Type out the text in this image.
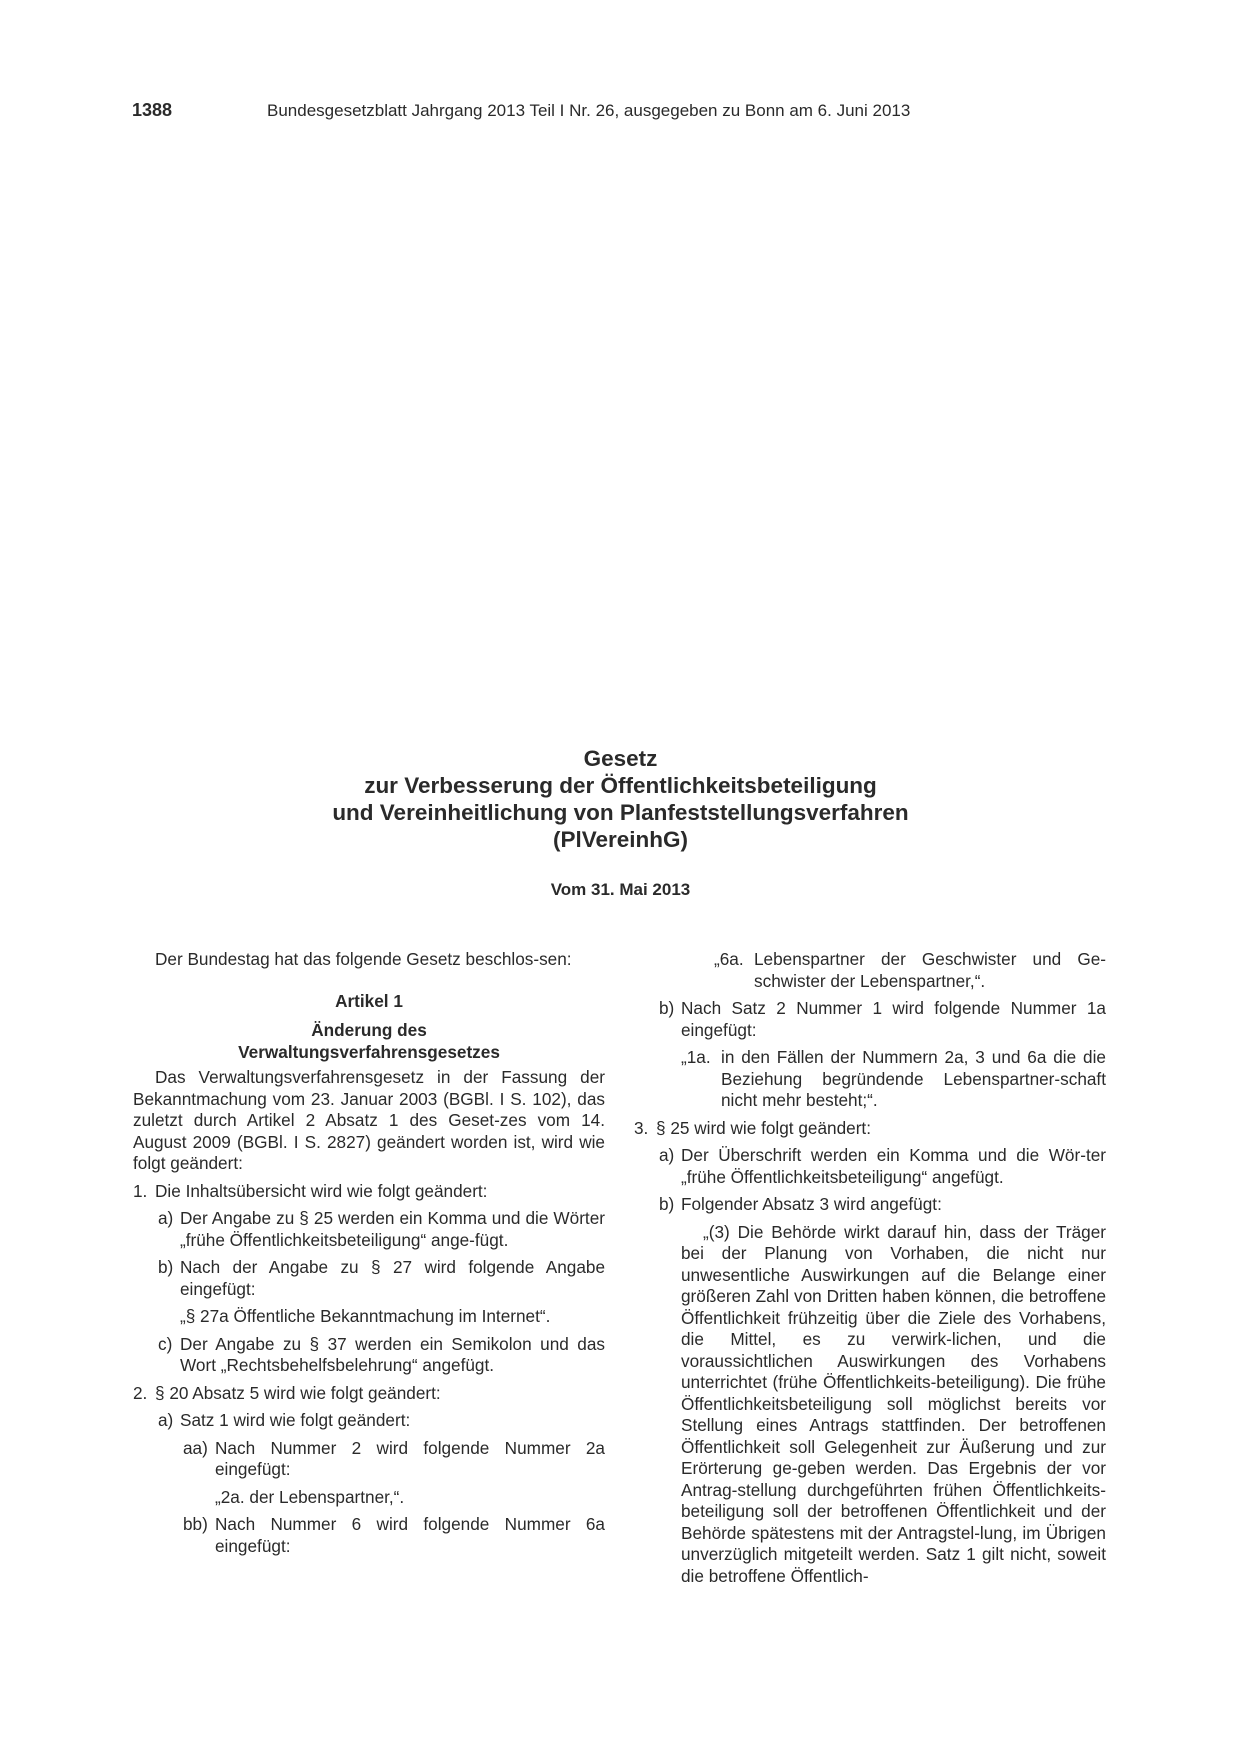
1388	Bundesgesetzblatt Jahrgang 2013 Teil I Nr. 26, ausgegeben zu Bonn am 6. Juni 2013
Gesetz
zur Verbesserung der Öffentlichkeitsbeteiligung
und Vereinheitlichung von Planfeststellungsverfahren
(PlVereinhG)
Vom 31. Mai 2013

Der Bundestag hat das folgende Gesetz beschlos-sen:

Artikel 1

Änderung des

Verwaltungsverfahrensgesetzes

Das Verwaltungsverfahrensgesetz in der Fassung der Bekanntmachung vom 23. Januar 2003 (BGBl. I S. 102), das zuletzt durch Artikel 2 Absatz 1 des Geset-zes vom 14. August 2009 (BGBl. I S. 2827) geändert worden ist, wird wie folgt geändert:

1. Die Inhaltsübersicht wird wie folgt geändert:
a) Der Angabe zu § 25 werden ein Komma und die Wörter „frühe Öffentlichkeitsbeteiligung“ ange-fügt.
b) Nach der Angabe zu § 27 wird folgende Angabe eingefügt:
„§ 27a Öffentliche Bekanntmachung im Internet“.
c) Der Angabe zu § 37 werden ein Semikolon und das Wort „Rechtsbehelfsbelehrung“ angefügt.
2. § 20 Absatz 5 wird wie folgt geändert:
a) Satz 1 wird wie folgt geändert:
aa) Nach Nummer 2 wird folgende Nummer 2a eingefügt:
„2a. der Lebenspartner,“.
bb) Nach Nummer 6 wird folgende Nummer 6a eingefügt:
„6a. Lebenspartner der Geschwister und Ge-schwister der Lebenspartner,“.
b) Nach Satz 2 Nummer 1 wird folgende Nummer 1a eingefügt:
„1a. in den Fällen der Nummern 2a, 3 und 6a die die Beziehung begründende Lebenspartner-schaft nicht mehr besteht;“.
3. § 25 wird wie folgt geändert:
a) Der Überschrift werden ein Komma und die Wör-ter „frühe Öffentlichkeitsbeteiligung“ angefügt.
b) Folgender Absatz 3 wird angefügt:
„(3) Die Behörde wirkt darauf hin, dass der Träger bei der Planung von Vorhaben, die nicht nur unwesentliche Auswirkungen auf die Belange einer größeren Zahl von Dritten haben können, die betroffene Öffentlichkeit frühzeitig über die Ziele des Vorhabens, die Mittel, es zu verwirk-lichen, und die voraussichtlichen Auswirkungen des Vorhabens unterrichtet (frühe Öffentlichkeits-beteiligung). Die frühe Öffentlichkeitsbeteiligung soll möglichst bereits vor Stellung eines Antrags stattfinden. Der betroffenen Öffentlichkeit soll Gelegenheit zur Äußerung und zur Erörterung ge-geben werden. Das Ergebnis der vor Antrag-stellung durchgeführten frühen Öffentlichkeits-beteiligung soll der betroffenen Öffentlichkeit und der Behörde spätestens mit der Antragstel-lung, im Übrigen unverzüglich mitgeteilt werden. Satz 1 gilt nicht, soweit die betroffene Öffentlich-
